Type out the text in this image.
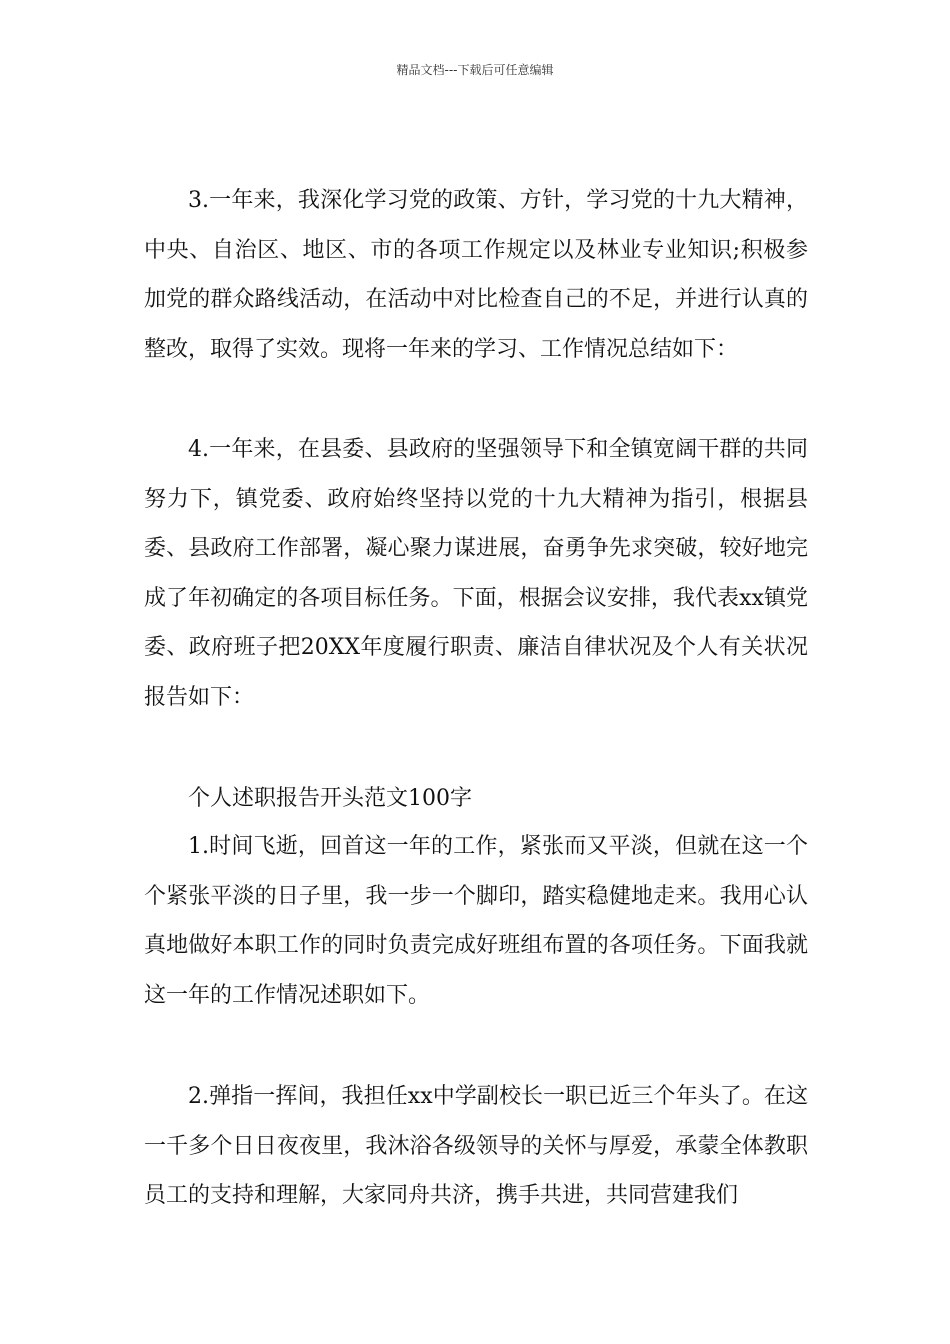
精品文档---下载后可任意编辑

3.一年来，我深化学习党的政策、方针，学习党的十九大精神，中央、自治区、地区、市的各项工作规定以及林业专业知识;积极参加党的群众路线活动，在活动中对比检查自己的不足，并进行认真的整改，取得了实效。现将一年来的学习、工作情况总结如下：

4.一年来，在县委、县政府的坚强领导下和全镇宽阔干群的共同努力下，镇党委、政府始终坚持以党的十九大精神为指引，根据县委、县政府工作部署，凝心聚力谋进展，奋勇争先求突破，较好地完成了年初确定的各项目标任务。下面，根据会议安排，我代表xx镇党委、政府班子把20XX年度履行职责、廉洁自律状况及个人有关状况报告如下：

个人述职报告开头范文100字

1.时间飞逝，回首这一年的工作，紧张而又平淡，但就在这一个个紧张平淡的日子里，我一步一个脚印，踏实稳健地走来。我用心认真地做好本职工作的同时负责完成好班组布置的各项任务。下面我就这一年的工作情况述职如下。

2.弹指一挥间，我担任xx中学副校长一职已近三个年头了。在这一千多个日日夜夜里，我沐浴各级领导的关怀与厚爱，承蒙全体教职员工的支持和理解，大家同舟共济，携手共进，共同营建我们
